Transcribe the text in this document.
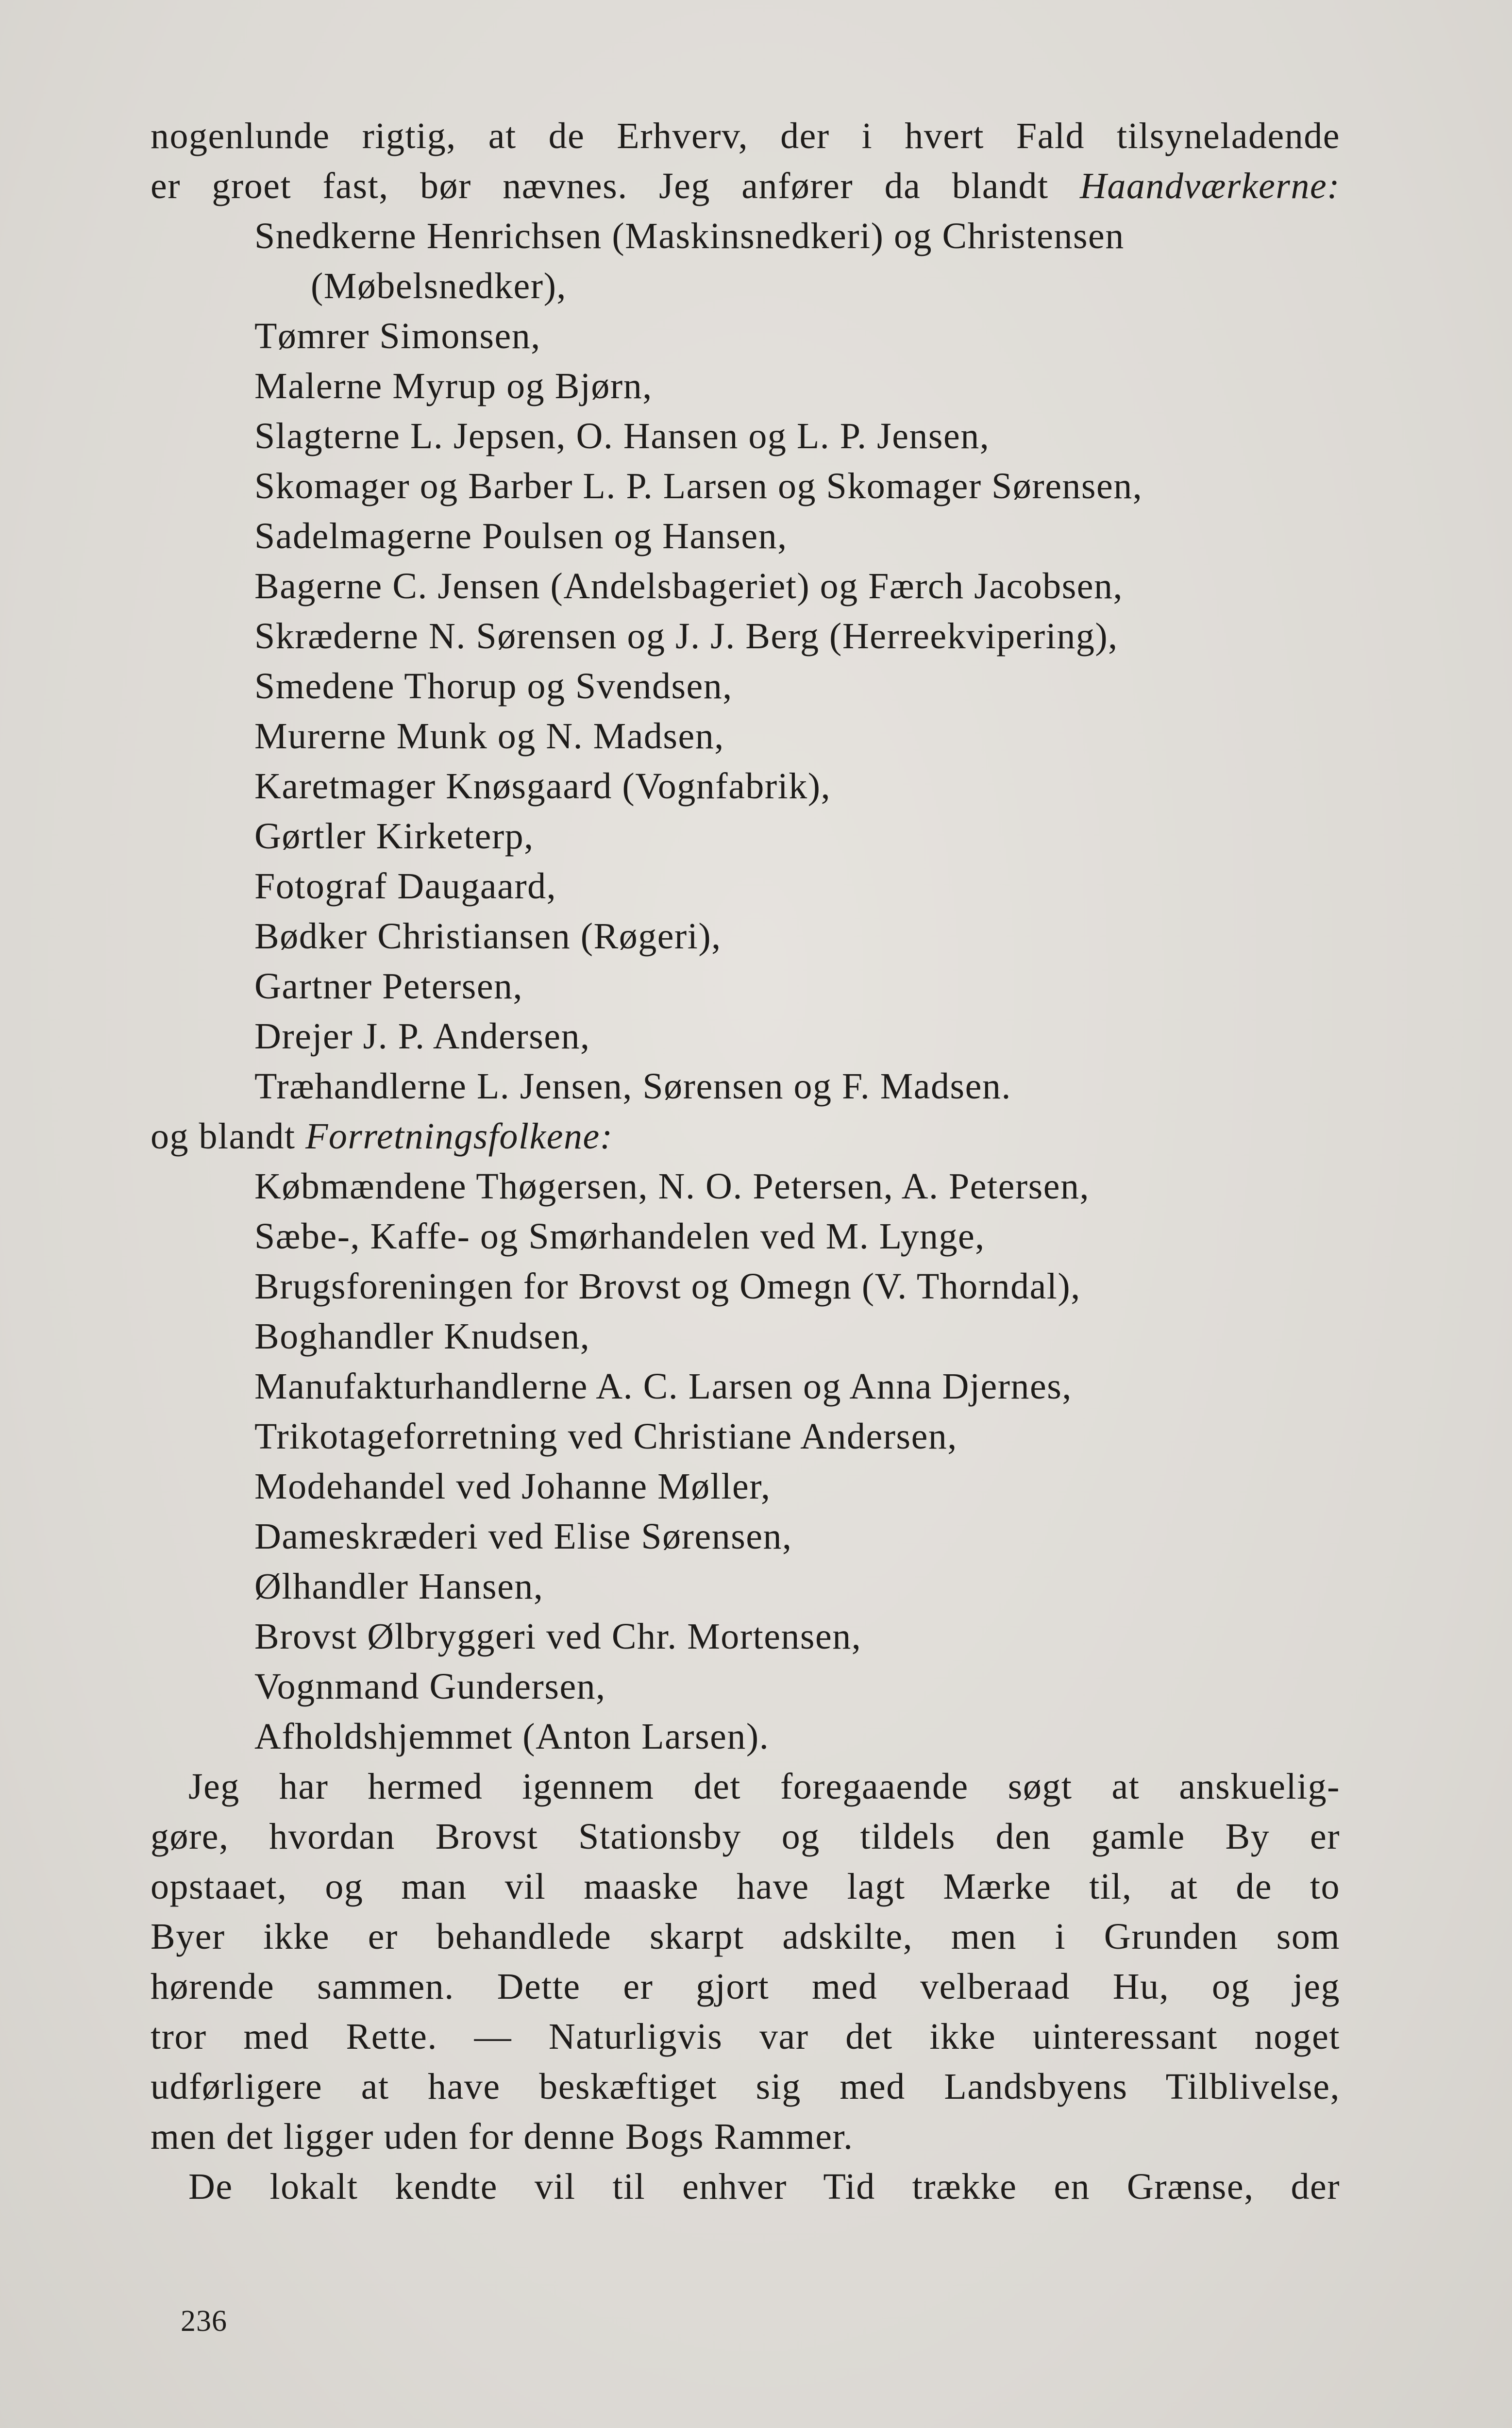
nogenlunde rigtig, at de Erhverv, der i hvert Fald tilsyneladende
er groet fast, bør nævnes. Jeg anfører da blandt Haandværkerne:
Snedkerne Henrichsen (Maskinsnedkeri) og Christensen
(Møbelsnedker),
Tømrer Simonsen,
Malerne Myrup og Bjørn,
Slagterne L. Jepsen, O. Hansen og L. P. Jensen,
Skomager og Barber L. P. Larsen og Skomager Sørensen,
Sadelmagerne Poulsen og Hansen,
Bagerne C. Jensen (Andelsbageriet) og Færch Jacobsen,
Skræderne N. Sørensen og J. J. Berg (Herreekvipering),
Smedene Thorup og Svendsen,
Murerne Munk og N. Madsen,
Karetmager Knøsgaard (Vognfabrik),
Gørtler Kirketerp,
Fotograf Daugaard,
Bødker Christiansen (Røgeri),
Gartner Petersen,
Drejer J. P. Andersen,
Træhandlerne L. Jensen, Sørensen og F. Madsen.
og blandt Forretningsfolkene:
Købmændene Thøgersen, N. O. Petersen, A. Petersen,
Sæbe-, Kaffe- og Smørhandelen ved M. Lynge,
Brugsforeningen for Brovst og Omegn (V. Thorndal),
Boghandler Knudsen,
Manufakturhandlerne A. C. Larsen og Anna Djernes,
Trikotageforretning ved Christiane Andersen,
Modehandel ved Johanne Møller,
Dameskræderi ved Elise Sørensen,
Ølhandler Hansen,
Brovst Ølbryggeri ved Chr. Mortensen,
Vognmand Gundersen,
Afholdshjemmet (Anton Larsen).
Jeg har hermed igennem det foregaaende søgt at anskuelig-
gøre, hvordan Brovst Stationsby og tildels den gamle By er
opstaaet, og man vil maaske have lagt Mærke til, at de to
Byer ikke er behandlede skarpt adskilte, men i Grunden som
hørende sammen. Dette er gjort med velberaad Hu, og jeg
tror med Rette. — Naturligvis var det ikke uinteressant noget
udførligere at have beskæftiget sig med Landsbyens Tilblivelse,
men det ligger uden for denne Bogs Rammer.
De lokalt kendte vil til enhver Tid trække en Grænse, der
236
